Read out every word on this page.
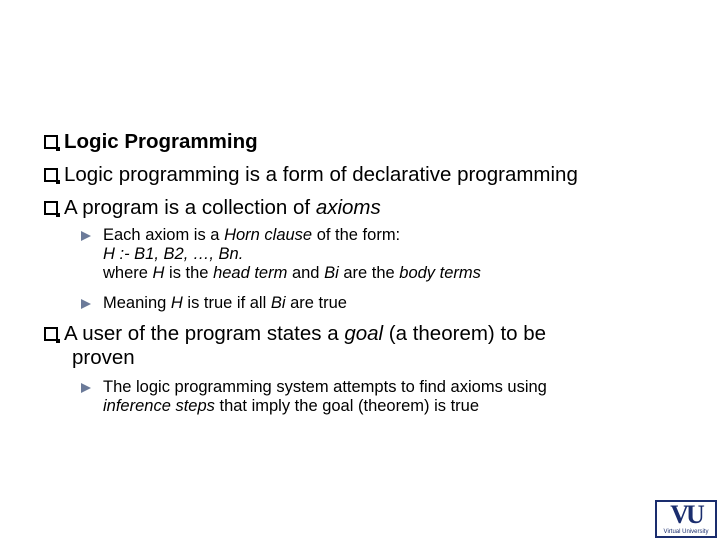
Logic Programming
Logic programming is a form of declarative programming
A program is a collection of axioms
Each axiom is a Horn clause of the form:
H :- B1, B2, …, Bn.
where H is the head term and Bi are the body terms
Meaning H is true if all Bi are true
A user of the program states a goal (a theorem) to be
proven
The logic programming system attempts to find axioms using
inference steps that imply the goal (theorem) is true
VU
Virtual University
